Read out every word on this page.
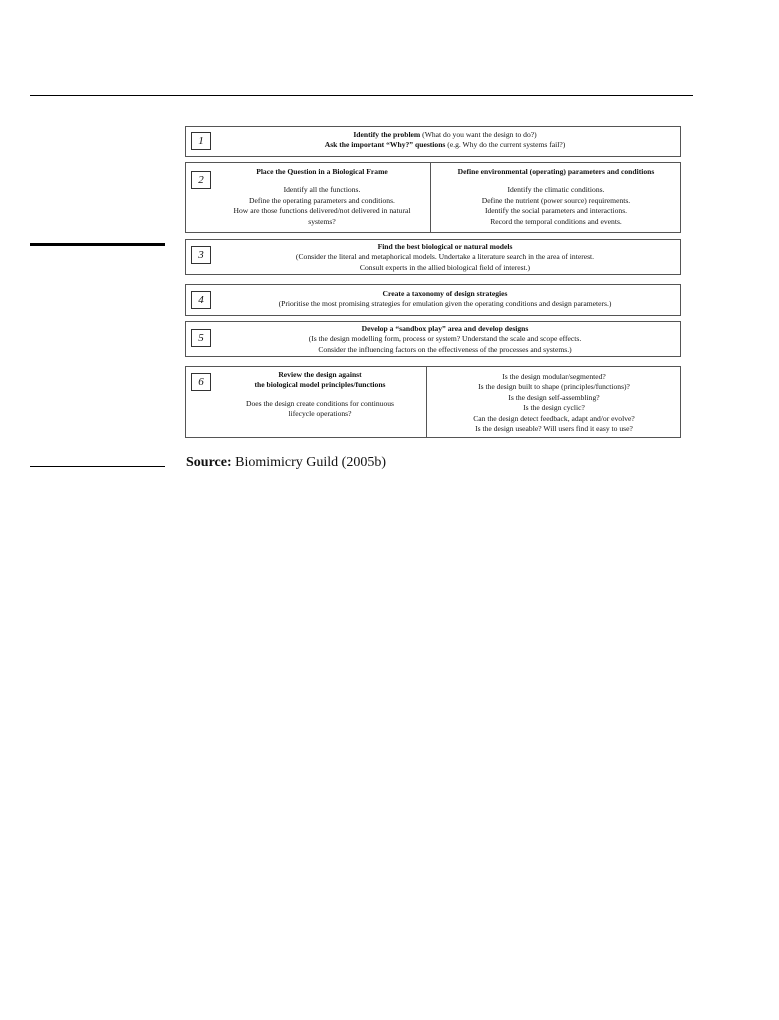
1
Identify the problem (What do you want the design to do?)
Ask the important “Why?” questions (e.g. Why do the current systems fail?)
2
Place the Question in a Biological Frame
Identify all the functions.
Define the operating parameters and conditions.
How are those functions delivered/not delivered in natural
systems?
Define environmental (operating) parameters and conditions
Identify the climatic conditions.
Define the nutrient (power source) requirements.
Identify the social parameters and interactions.
Record the temporal conditions and events.
3
Find the best biological or natural models
(Consider the literal and metaphorical models. Undertake a literature search in the area of interest.
Consult experts in the allied biological field of interest.)
4
Create a taxonomy of design strategies
(Prioritise the most promising strategies for emulation given the operating conditions and design parameters.)
5
Develop a “sandbox play” area and develop designs
(Is the design modelling form, process or system? Understand the scale and scope effects.
Consider the influencing factors on the effectiveness of the processes and systems.)
6
Review the design against
the biological model principles/functions
Does the design create conditions for continuous
lifecycle operations?
Is the design modular/segmented?
Is the design built to shape (principles/functions)?
Is the design self-assembling?
Is the design cyclic?
Can the design detect feedback, adapt and/or evolve?
Is the design useable? Will users find it easy to use?
Source: Biomimicry Guild (2005b)
